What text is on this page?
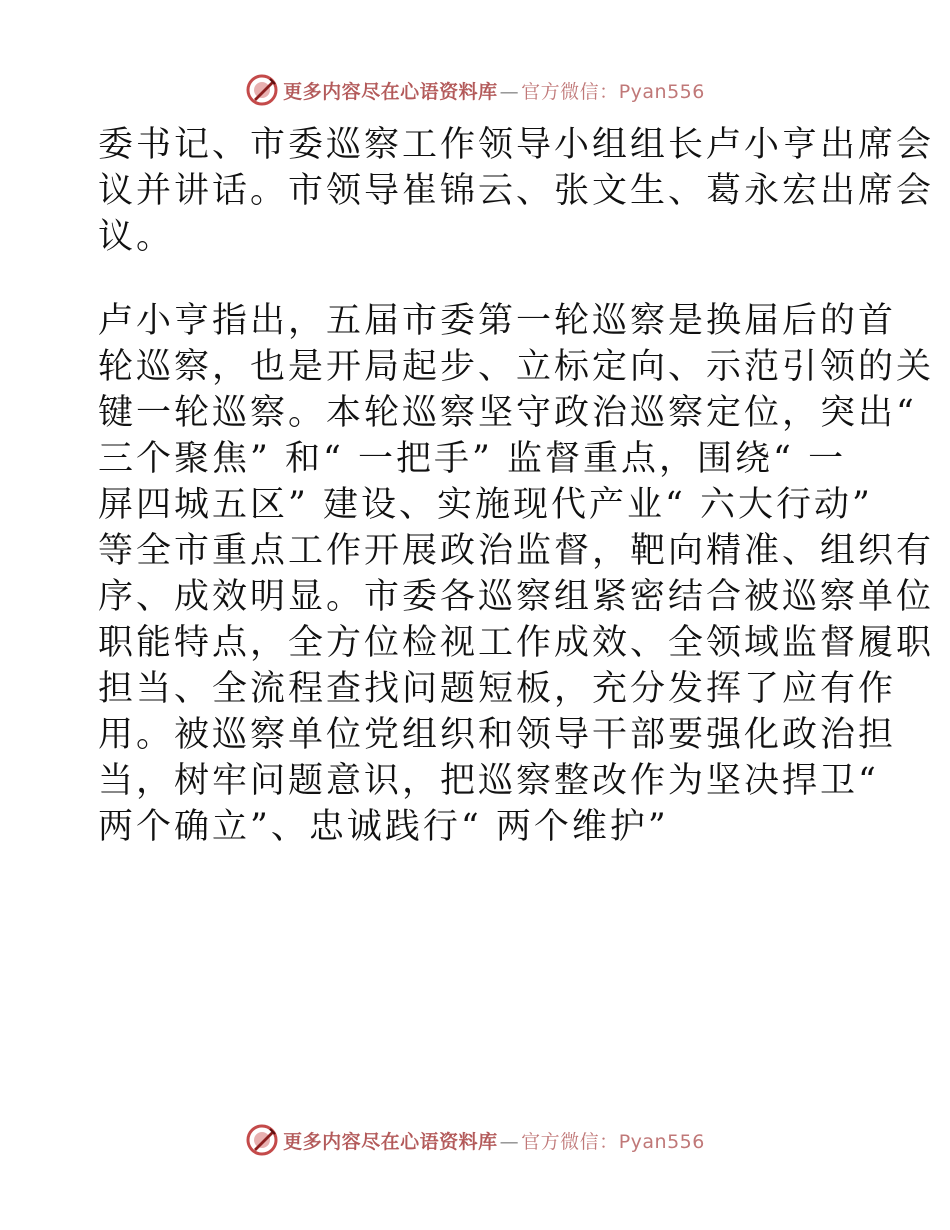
更多内容尽在心语资料库 — 官方微信：Pyan556

委书记、市委巡察工作领导小组组长卢小亨出席会
议并讲话。市领导崔锦云、张文生、葛永宏出席会
议。

卢小亨指出，五届市委第一轮巡察是换届后的首
轮巡察，也是开局起步、立标定向、示范引领的关
键一轮巡察。本轮巡察坚守政治巡察定位，突出“
三个聚焦” 和“ 一把手” 监督重点，围绕“ 一
屏四城五区” 建设、实施现代产业“ 六大行动”
等全市重点工作开展政治监督，靶向精准、组织有
序、成效明显。市委各巡察组紧密结合被巡察单位
职能特点，全方位检视工作成效、全领域监督履职
担当、全流程查找问题短板，充分发挥了应有作
用。被巡察单位党组织和领导干部要强化政治担
当，树牢问题意识，把巡察整改作为坚决捍卫“
两个确立”、忠诚践行“ 两个维护”

更多内容尽在心语资料库 — 官方微信：Pyan556
